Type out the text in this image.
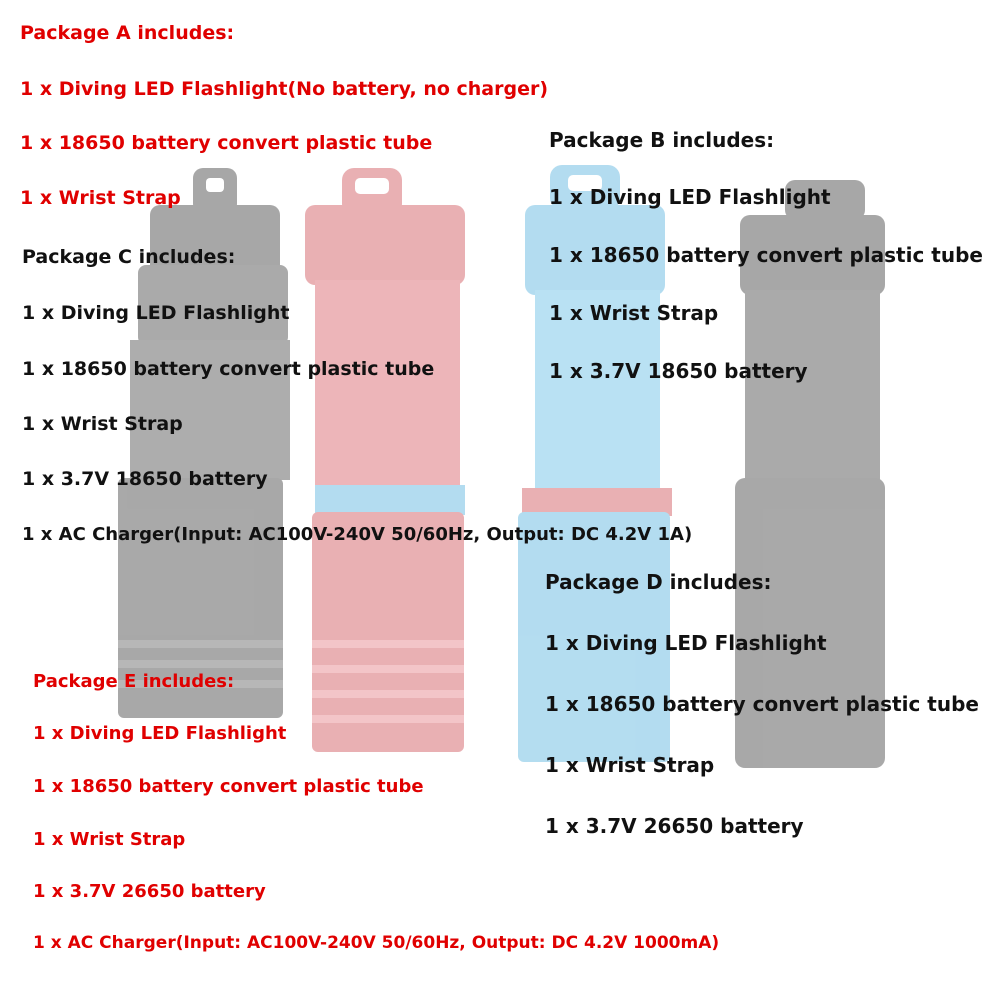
Package A includes:
1 x Diving LED Flashlight(No battery, no charger)
1 x 18650 battery convert plastic tube
1 x Wrist Strap
Package B includes:
1 x Diving LED Flashlight
1 x 18650 battery convert plastic tube
1 x Wrist Strap
1 x 3.7V 18650 battery
Package C includes:
1 x Diving LED Flashlight
1 x 18650 battery convert plastic tube
1 x Wrist Strap
1 x 3.7V 18650 battery
1 x AC Charger(Input: AC100V-240V 50/60Hz, Output: DC 4.2V 1A)
Package D includes:
1 x Diving LED Flashlight
1 x 18650 battery convert plastic tube
1 x Wrist Strap
1 x 3.7V 26650 battery
Package E includes:
1 x Diving LED Flashlight
1 x 18650 battery convert plastic tube
1 x Wrist Strap
1 x 3.7V 26650 battery
1 x AC Charger(Input: AC100V-240V 50/60Hz, Output: DC 4.2V 1000mA)
